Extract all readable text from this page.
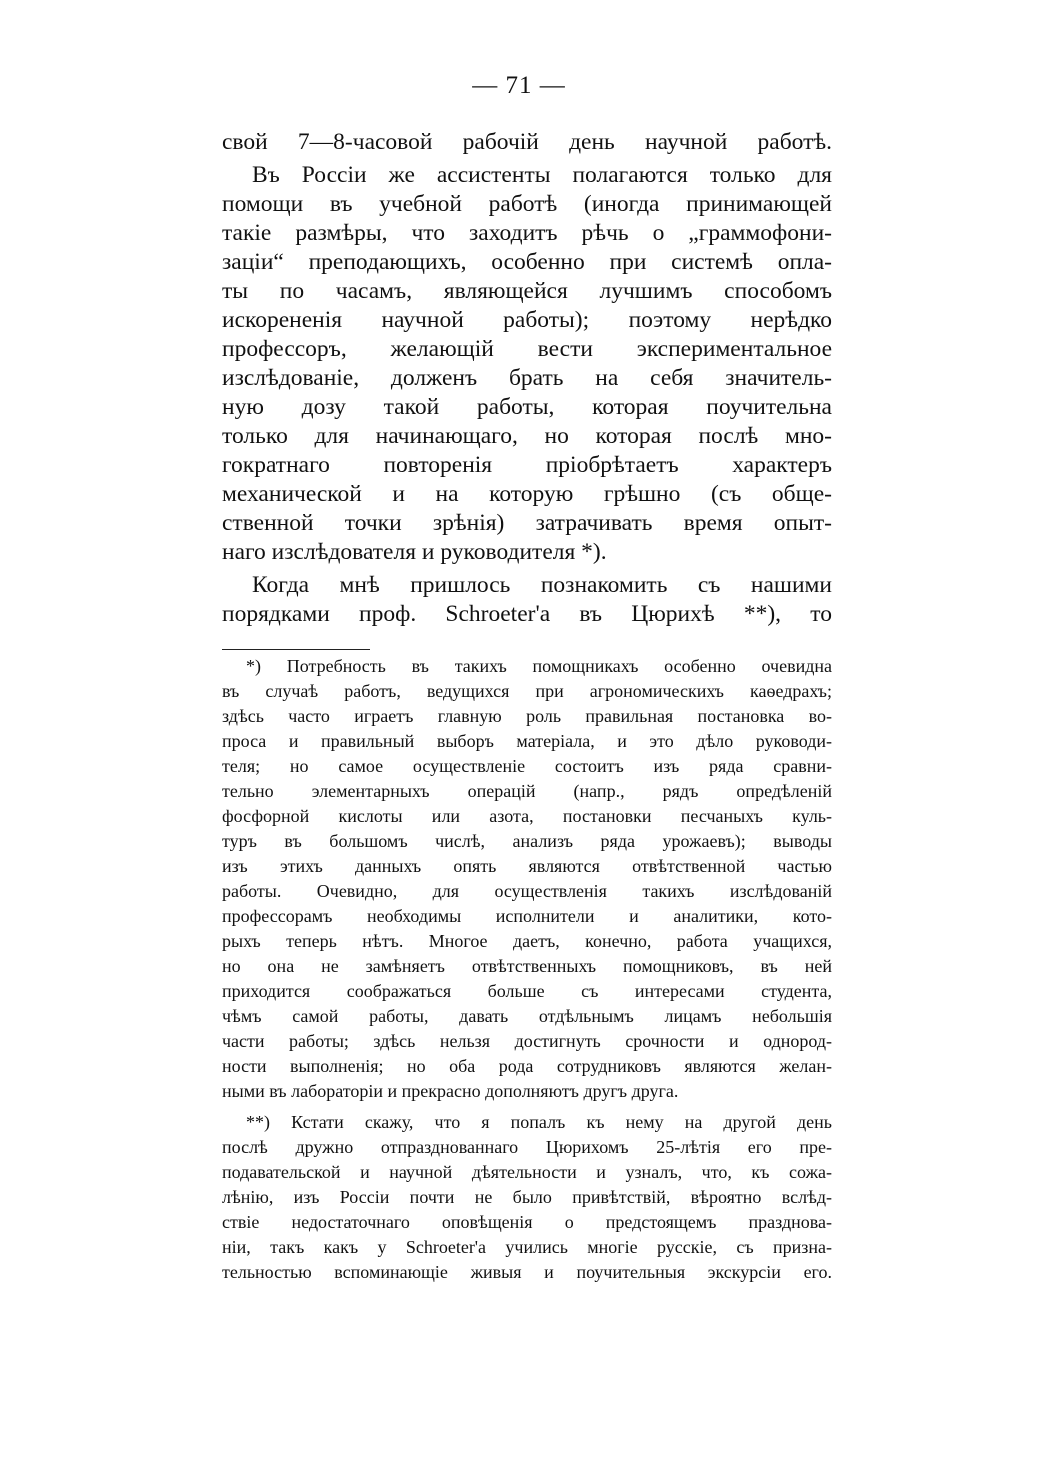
— 71 —
свой 7—8-часовой рабочій день научной работѣ.
Въ Россіи же ассистенты полагаются только для
помощи въ учебной работѣ (иногда принимающей
такіе размѣры, что заходитъ рѣчь о „граммофони-
заціи“ преподающихъ, особенно при системѣ опла-
ты по часамъ, являющейся лучшимъ способомъ
искорененія научной работы); поэтому нерѣдко
профессоръ, желающій вести экспериментальное
изслѣдованіе, долженъ брать на себя значитель-
ную дозу такой работы, которая поучительна
только для начинающаго, но которая послѣ мно-
гократнаго повторенія пріобрѣтаетъ характеръ
механической и на которую грѣшно (съ обще-
ственной точки зрѣнія) затрачивать время опыт-
наго изслѣдователя и руководителя *).
Когда мнѣ пришлось познакомить съ нашими
порядками проф. Schroeter'а въ Цюрихѣ **), то
*) Потребность въ такихъ помощникахъ особенно очевидна
въ случаѣ работъ, ведущихся при агрономическихъ каѳедрахъ;
здѣсь часто играетъ главную роль правильная постановка во-
проса и правильный выборъ матеріала, и это дѣло руководи-
теля; но самое осуществленіе состоитъ изъ ряда сравни-
тельно элементарныхъ операцій (напр., рядъ опредѣленій
фосфорной кислоты или азота, постановки песчаныхъ куль-
туръ въ большомъ числѣ, анализъ ряда урожаевъ); выводы
изъ этихъ данныхъ опять являются отвѣтственной частью
работы. Очевидно, для осуществленія такихъ изслѣдованій
профессорамъ необходимы исполнители и аналитики, кото-
рыхъ теперь нѣтъ. Многое даетъ, конечно, работа учащихся,
но она не замѣняетъ отвѣтственныхъ помощниковъ, въ ней
приходится соображаться больше съ интересами студента,
чѣмъ самой работы, давать отдѣльнымъ лицамъ небольшія
части работы; здѣсь нельзя достигнуть срочности и однород-
ности выполненія; но оба рода сотрудниковъ являются желан-
ными въ лабораторіи и прекрасно дополняютъ другъ друга.
**) Кстати скажу, что я попалъ къ нему на другой день
послѣ дружно отпразднованнаго Цюрихомъ 25-лѣтія его пре-
подавательской и научной дѣятельности и узналъ, что, къ сожа-
лѣнію, изъ Россіи почти не было привѣтствій, вѣроятно вслѣд-
ствіе недостаточнаго оповѣщенія о предстоящемъ празднова-
ніи, такъ какъ у Schroeter'а учились многіе русскіе, съ призна-
тельностью вспоминающіе живыя и поучительныя экскурсіи его.
